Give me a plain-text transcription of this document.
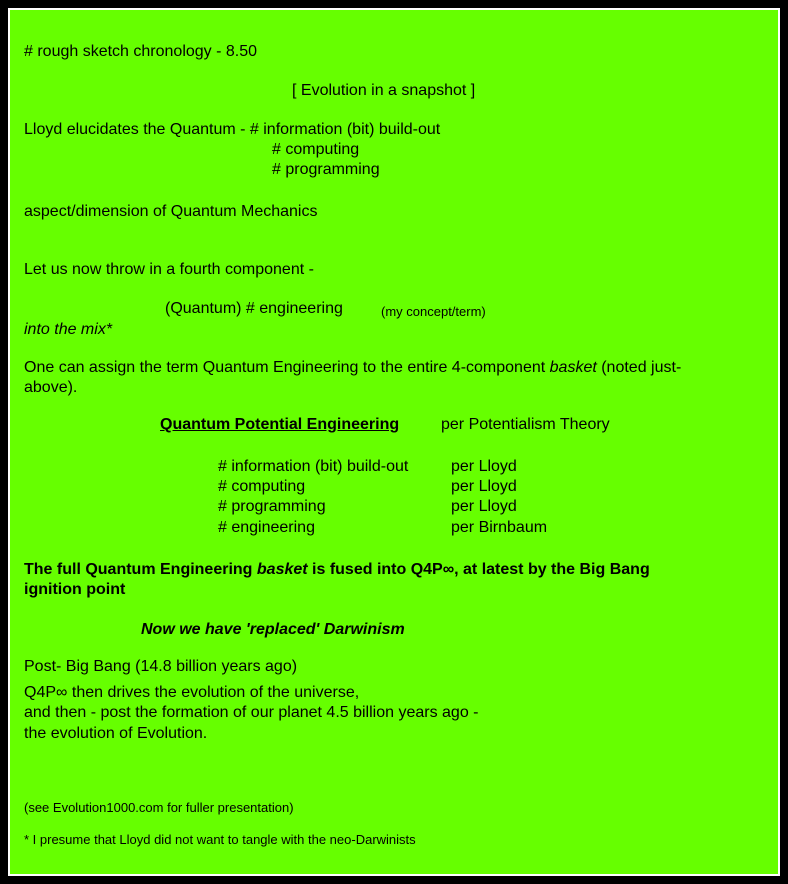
# rough sketch chronology - 8.50
[ Evolution in a snapshot ]
Lloyd elucidates the Quantum - # information (bit) build-out
# computing
# programming
aspect/dimension of Quantum Mechanics
Let us now throw in a fourth component -
(Quantum) # engineering	(my concept/term)
into the mix*
One can assign the term Quantum Engineering to the entire 4-component basket (noted just-
above).
Quantum Potential Engineering	per Potentialism Theory
# information (bit) build-out	per Lloyd
# computing	per Lloyd
# programming	per Lloyd
# engineering	per Birnbaum
The full Quantum Engineering basket is fused into Q4P∞, at latest by the Big Bang
ignition point
Now we have 'replaced' Darwinism
Post- Big Bang (14.8 billion years ago)
Q4P∞ then drives the evolution of the universe,
and then - post the formation of our planet 4.5 billion years ago -
the evolution of Evolution.
(see Evolution1000.com for fuller presentation)
* I presume that Lloyd did not want to tangle with the neo-Darwinists
